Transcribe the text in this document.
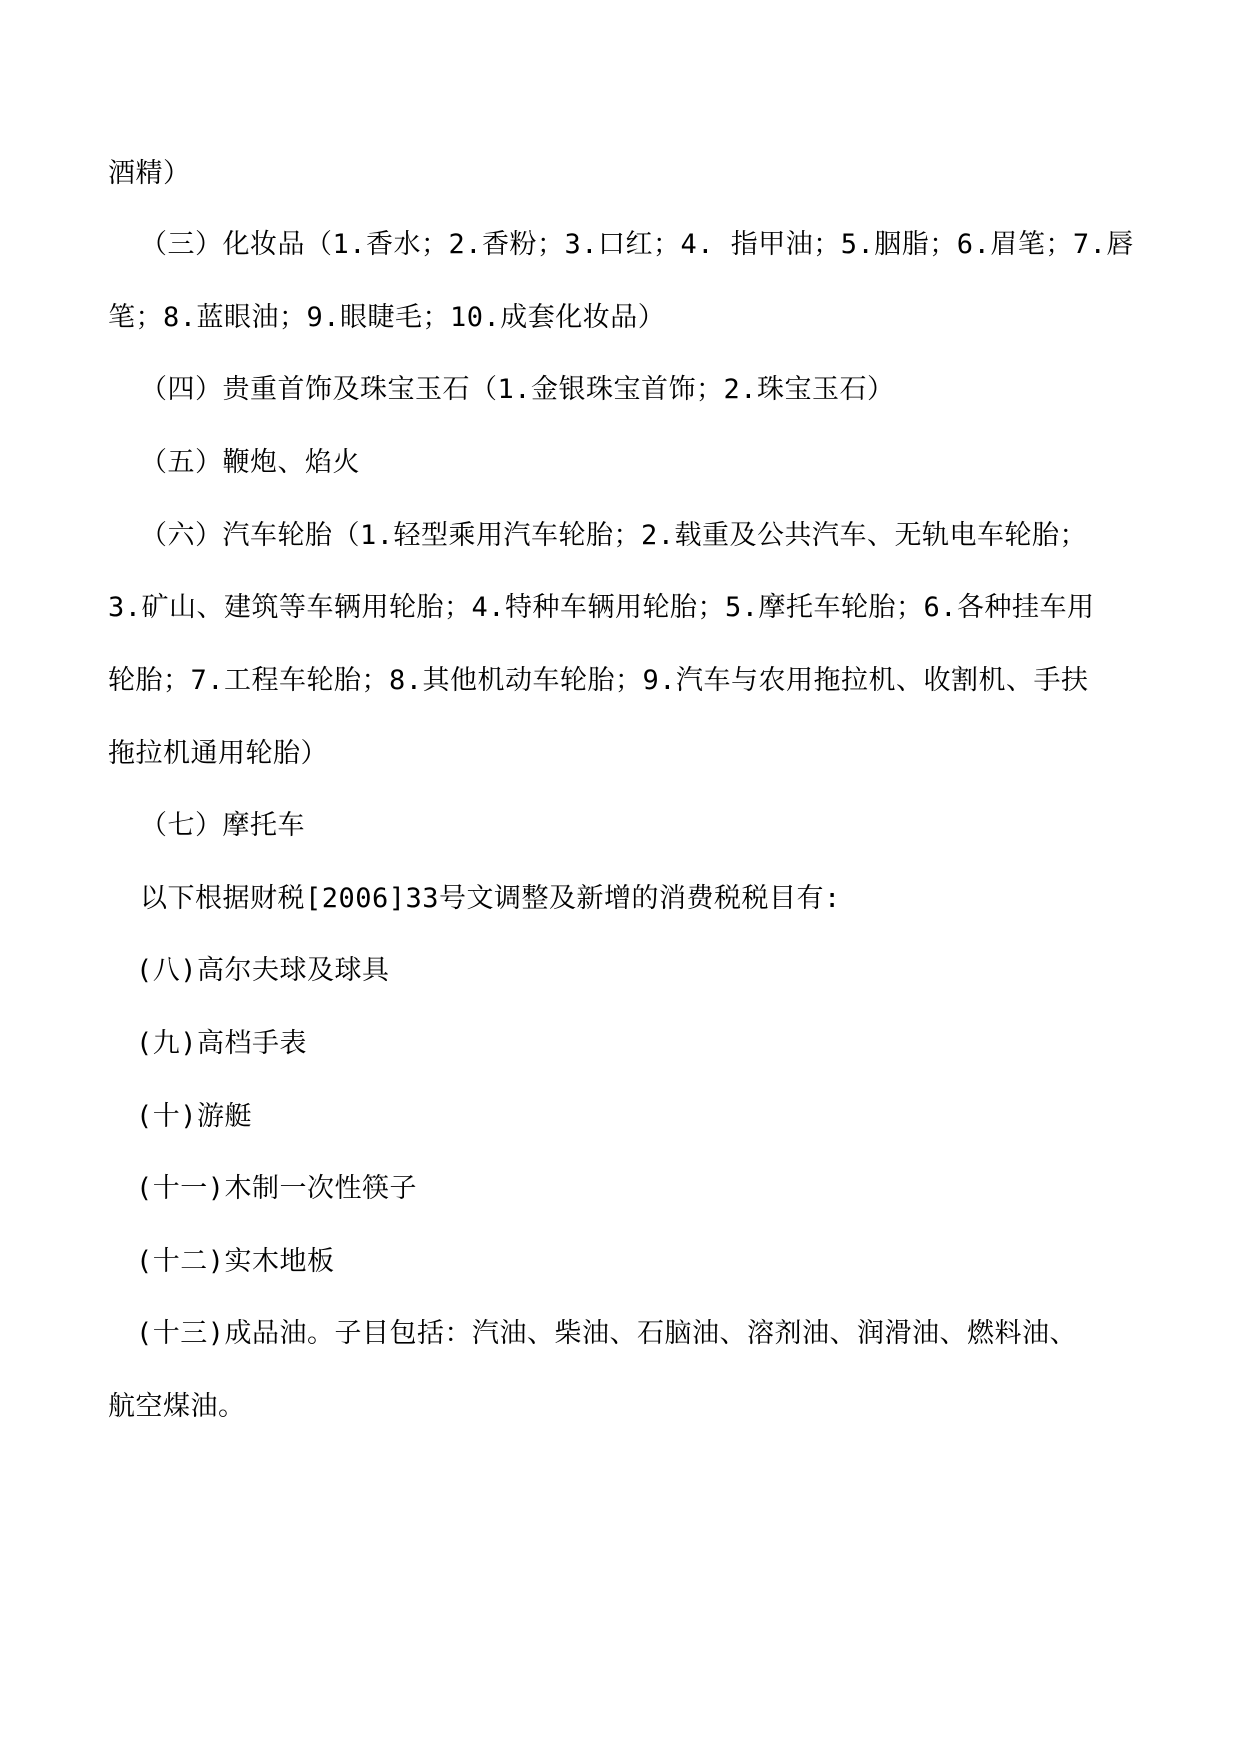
酒精）
（三）化妆品（1.香水；2.香粉；3.口红；4. 指甲油；5.胭脂；6.眉笔；7.唇
笔；8.蓝眼油；9.眼睫毛；10.成套化妆品）
（四）贵重首饰及珠宝玉石（1.金银珠宝首饰；2.珠宝玉石）
（五）鞭炮、焰火
（六）汽车轮胎（1.轻型乘用汽车轮胎；2.载重及公共汽车、无轨电车轮胎；
3.矿山、建筑等车辆用轮胎；4.特种车辆用轮胎；5.摩托车轮胎；6.各种挂车用
轮胎；7.工程车轮胎；8.其他机动车轮胎；9.汽车与农用拖拉机、收割机、手扶
拖拉机通用轮胎）
（七）摩托车
以下根据财税[2006]33号文调整及新增的消费税税目有:
(八)高尔夫球及球具
(九)高档手表
(十)游艇
(十一)木制一次性筷子
(十二)实木地板
(十三)成品油。子目包括：汽油、柴油、石脑油、溶剂油、润滑油、燃料油、
航空煤油。
